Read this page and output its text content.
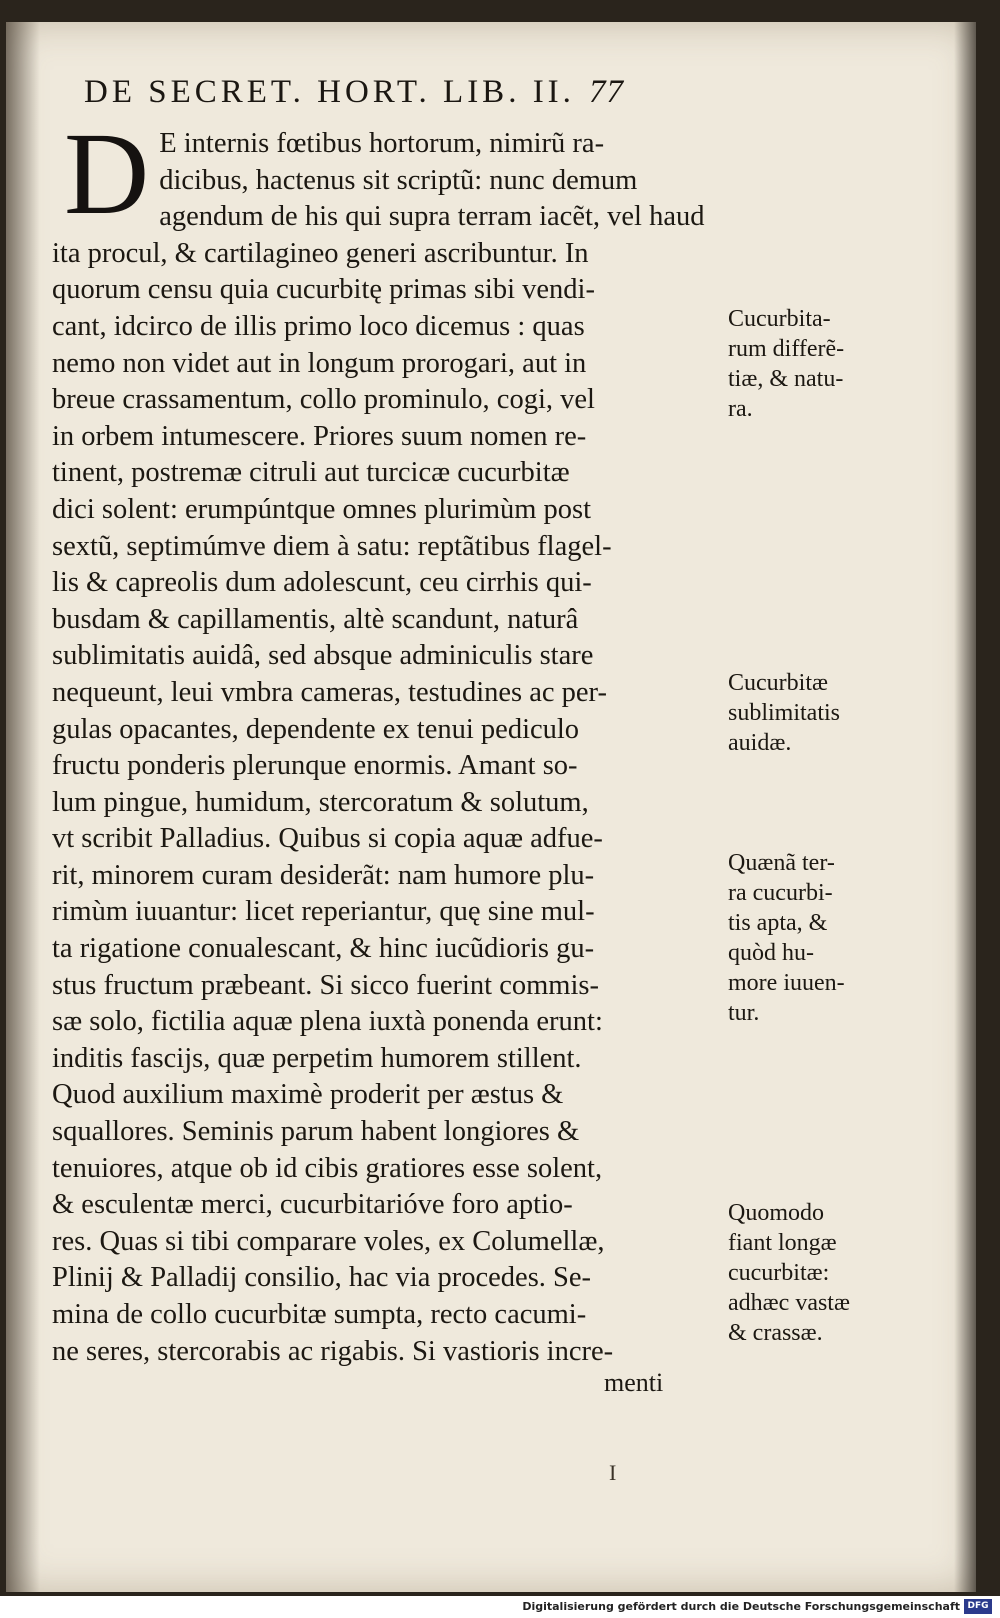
DE SECRET. HORT. LIB. II. 77
D E internis fœtibus hortorum, nimirũ ra-
dicibus, hactenus sit scriptũ: nunc demum
agendum de his qui supra terram iacẽt, vel haud
ita procul, & cartilagineo generi ascribuntur. In
quorum censu quia cucurbitę primas sibi vendi-
cant, idcirco de illis primo loco dicemus : quas
nemo non videt aut in longum prorogari, aut in
breue crassamentum, collo prominulo, cogi, vel
in orbem intumescere. Priores suum nomen re-
tinent, postremæ citruli aut turcicæ cucurbitæ
dici solent: erumpúntque omnes plurimùm post
sextũ, septimúmve diem à satu: reptãtibus flagel-
lis & capreolis dum adolescunt, ceu cirrhis qui-
busdam & capillamentis, altè scandunt, naturâ
sublimitatis auidâ, sed absque adminiculis stare
nequeunt, leui vmbra cameras, testudines ac per-
gulas opacantes, dependente ex tenui pediculo
fructu ponderis plerunque enormis. Amant so-
lum pingue, humidum, stercoratum & solutum,
vt scribit Palladius. Quibus si copia aquæ adfue-
rit, minorem curam desiderãt: nam humore plu-
rimùm iuuantur: licet reperiantur, quę sine mul-
ta rigatione conualescant, & hinc iucũdioris gu-
stus fructum præbeant. Si sicco fuerint commis-
sæ solo, fictilia aquæ plena iuxtà ponenda erunt:
inditis fascijs, quæ perpetim humorem stillent.
Quod auxilium maximè proderit per æstus &
squallores. Seminis parum habent longiores &
tenuiores, atque ob id cibis gratiores esse solent,
& esculentæ merci, cucurbitarióve foro aptio-
res. Quas si tibi comparare voles, ex Columellæ,
Plinij & Palladij consilio, hac via procedes. Se-
mina de collo cucurbitæ sumpta, recto cacumi-
ne seres, stercorabis ac rigabis. Si vastioris incre-
Cucurbita-
rum differẽ-
tiæ, & natu-
ra.
Cucurbitæ
sublimitatis
auidæ.
Quænã ter-
ra cucurbi-
tis apta, &
quòd hu-
more iuuen-
tur.
Quomodo
fiant longæ
cucurbitæ:
adhæc vastæ
& crassæ.
menti
I
Digitalisierung gefördert durch die Deutsche Forschungsgemeinschaft DFG
